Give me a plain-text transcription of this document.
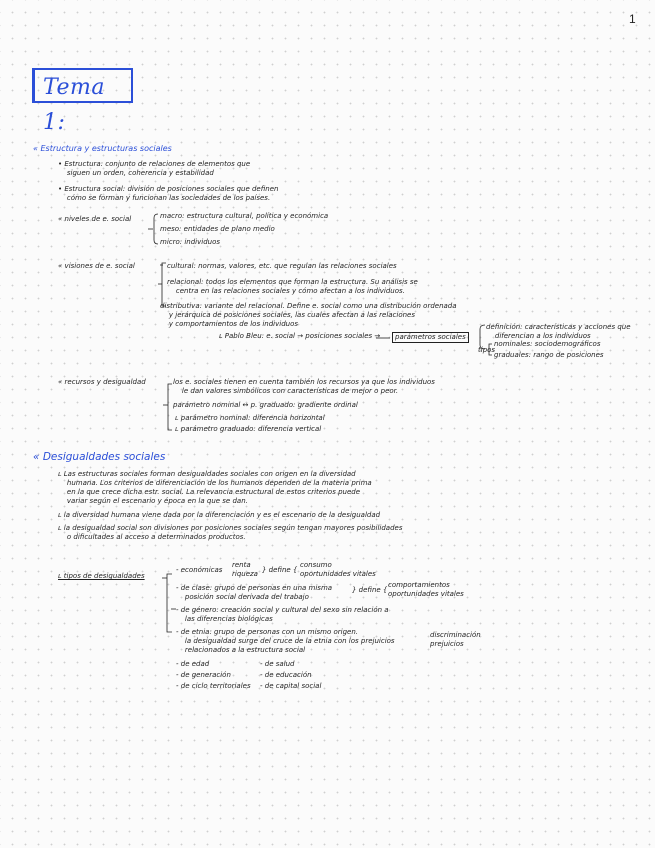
1
Tema 1:
« Estructura y estructuras sociales
• Estructura: conjunto de relaciones de elementos que
siguen un orden, coherencia y estabilidad
• Estructura social: división de posiciones sociales que definen
cómo se forman y funcionan las sociedades de los países.
« niveles de e. social	macro: estructura cultural, política y económica
meso: entidades de plano medio
micro: individuos
« visiones de e. social	cultural: normas, valores, etc. que regulan las relaciones sociales
relacional: todos los elementos que forman la estructura. Su análisis se
centra en las relaciones sociales y cómo afectan a los individuos.
distributiva: variante del relacional. Define e. social como una distribución ordenada
y jerárquica de posiciones sociales, las cuales afectan a las relaciones
y comportamientos de los individuos
ʟ Pablo Bleu: e. social → posiciones sociales →	parámetros sociales
definición: características y acciones que
diferencian a los individuos
tipos
nominales: sociodemográficos
graduales: rango de posiciones
« recursos y desigualdad	los e. sociales tienen en cuenta también los recursos ya que los individuos
le dan valores simbólicos con características de mejor o peor.
parámetro nominal ↔ p. graduado: gradiente ordinal
ʟ parámetro nominal: diferencia horizontal
ʟ parámetro graduado: diferencia vertical
« Desigualdades sociales
ʟ Las estructuras sociales forman desigualdades sociales con origen en la diversidad
humana. Los criterios de diferenciación de los humanos dependen de la materia prima
en la que crece dicha estr. social. La relevancia estructural de estos criterios puede
variar según el escenario y época en la que se dan.
ʟ la diversidad humana viene dada por la diferenciación y es el escenario de la desigualdad
ʟ la desigualdad social son divisiones por posiciones sociales según tengan mayores posibilidades
o dificultades al acceso a determinados productos.
ʟ tipos de desigualdades
- económicas
renta
riqueza } define {
consumo
oportunidades vitales
- de clase: grupo de personas en una misma
posición social derivada del trabajo
} define {
comportamientos
oportunidades vitales
- de género: creación social y cultural del sexo sin relación a
las diferencias biológicas
- de etnia: grupo de personas con un mismo origen.
la desigualdad surge del cruce de la etnia con los prejuicios
relacionados a la estructura social
discriminación
prejuicios
- de edad
- de generación
- de ciclo territoriales
- de salud
- de educación
- de capital social
